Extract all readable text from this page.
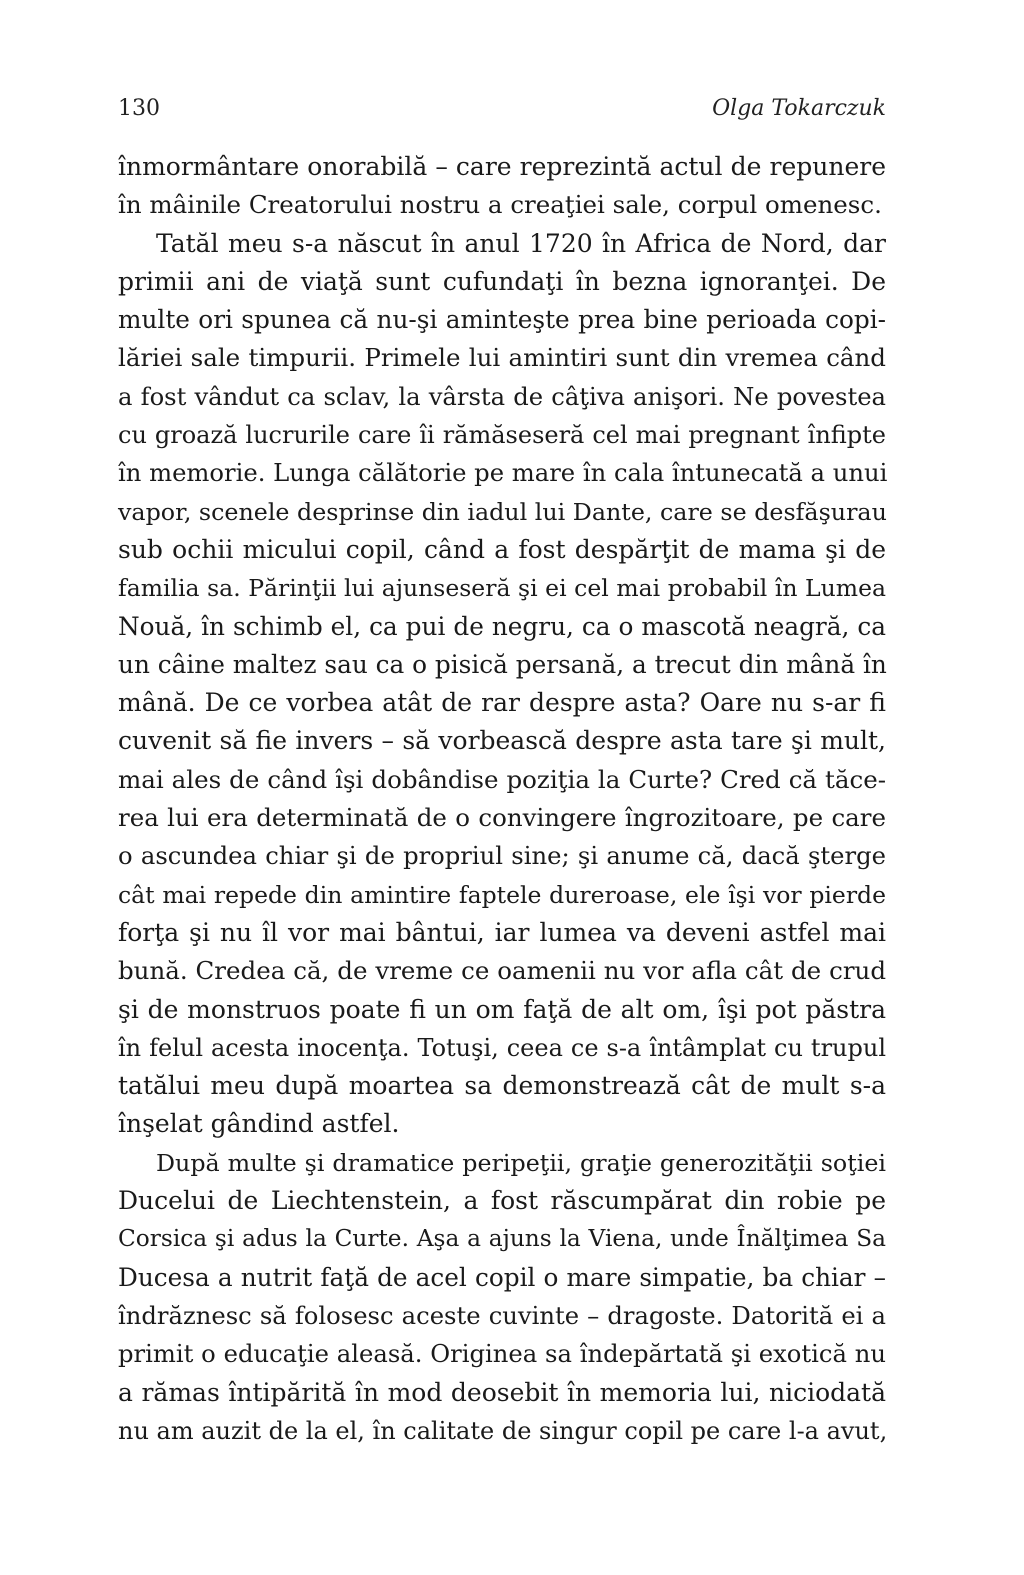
130	Olga Tokarczuk
înmormântare onorabilă – care reprezintă actul de repunere
în mâinile Creatorului nostru a creaţiei sale, corpul omenesc.
Tatăl meu s-a născut în anul 1720 în Africa de Nord, dar
primii ani de viaţă sunt cufundaţi în bezna ignoranţei. De
multe ori spunea că nu-şi aminteşte prea bine perioada copi-
lăriei sale timpurii. Primele lui amintiri sunt din vremea când
a fost vândut ca sclav, la vârsta de câţiva anişori. Ne povestea
cu groază lucrurile care îi rămăseseră cel mai pregnant înfipte
în memorie. Lunga călătorie pe mare în cala întunecată a unui
vapor, scenele desprinse din iadul lui Dante, care se desfăşurau
sub ochii micului copil, când a fost despărţit de mama şi de
familia sa. Părinţii lui ajunseseră şi ei cel mai probabil în Lumea
Nouă, în schimb el, ca pui de negru, ca o mascotă neagră, ca
un câine maltez sau ca o pisică persană, a trecut din mână în
mână. De ce vorbea atât de rar despre asta? Oare nu s-ar fi
cuvenit să fie invers – să vorbească despre asta tare şi mult,
mai ales de când îşi dobândise poziţia la Curte? Cred că tăce-
rea lui era determinată de o convingere îngrozitoare, pe care
o ascundea chiar şi de propriul sine; şi anume că, dacă şterge
cât mai repede din amintire faptele dureroase, ele îşi vor pierde
forţa şi nu îl vor mai bântui, iar lumea va deveni astfel mai
bună. Credea că, de vreme ce oamenii nu vor afla cât de crud
şi de monstruos poate fi un om faţă de alt om, îşi pot păstra
în felul acesta inocenţa. Totuşi, ceea ce s-a întâmplat cu trupul
tatălui meu după moartea sa demonstrează cât de mult s-a
înşelat gândind astfel.
După multe şi dramatice peripeţii, graţie generozităţii soţiei
Ducelui de Liechtenstein, a fost răscumpărat din robie pe
Corsica şi adus la Curte. Aşa a ajuns la Viena, unde Înălţimea Sa
Ducesa a nutrit faţă de acel copil o mare simpatie, ba chiar –
îndrăznesc să folosesc aceste cuvinte – dragoste. Datorită ei a
primit o educaţie aleasă. Originea sa îndepărtată şi exotică nu
a rămas întipărită în mod deosebit în memoria lui, niciodată
nu am auzit de la el, în calitate de singur copil pe care l-a avut,
